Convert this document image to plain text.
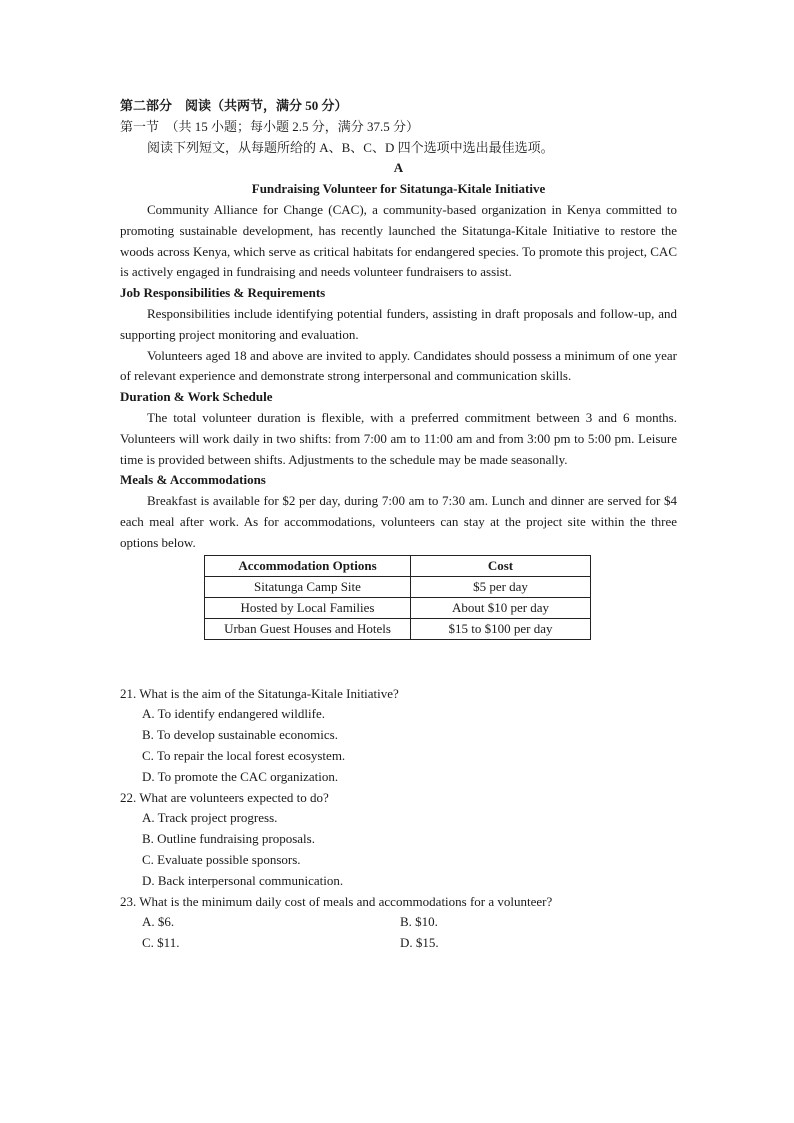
第二部分　阅读（共两节，满分 50 分）

第一节　（共 15 小题；每小题 2.5 分，满分 37.5 分）

阅读下列短文，从每题所给的 A、B、C、D 四个选项中选出最佳选项。

A

Fundraising Volunteer for Sitatunga-Kitale Initiative

Community Alliance for Change (CAC), a community-based organization in Kenya committed to promoting sustainable development, has recently launched the Sitatunga-Kitale Initiative to restore the woods across Kenya, which serve as critical habitats for endangered species. To promote this project, CAC is actively engaged in fundraising and needs volunteer fundraisers to assist.

Job Responsibilities & Requirements

Responsibilities include identifying potential funders, assisting in draft proposals and follow-up, and supporting project monitoring and evaluation.

Volunteers aged 18 and above are invited to apply. Candidates should possess a minimum of one year of relevant experience and demonstrate strong interpersonal and communication skills.

Duration & Work Schedule

The total volunteer duration is flexible, with a preferred commitment between 3 and 6 months. Volunteers will work daily in two shifts: from 7:00 am to 11:00 am and from 3:00 pm to 5:00 pm. Leisure time is provided between shifts. Adjustments to the schedule may be made seasonally.

Meals & Accommodations

Breakfast is available for $2 per day, during 7:00 am to 7:30 am. Lunch and dinner are served for $4 each meal after work. As for accommodations, volunteers can stay at the project site within the three options below.

Accommodation Options	Cost
Sitatunga Camp Site	$5 per day
Hosted by Local Families	About $10 per day
Urban Guest Houses and Hotels	$15 to $100 per day

21. What is the aim of the Sitatunga-Kitale Initiative?

A. To identify endangered wildlife.

B. To develop sustainable economics.

C. To repair the local forest ecosystem.

D. To promote the CAC organization.

22. What are volunteers expected to do?

A. Track project progress.

B. Outline fundraising proposals.

C. Evaluate possible sponsors.

D. Back interpersonal communication.

23. What is the minimum daily cost of meals and accommodations for a volunteer?

A. $6.	B. $10.
C. $11.	D. $15.
